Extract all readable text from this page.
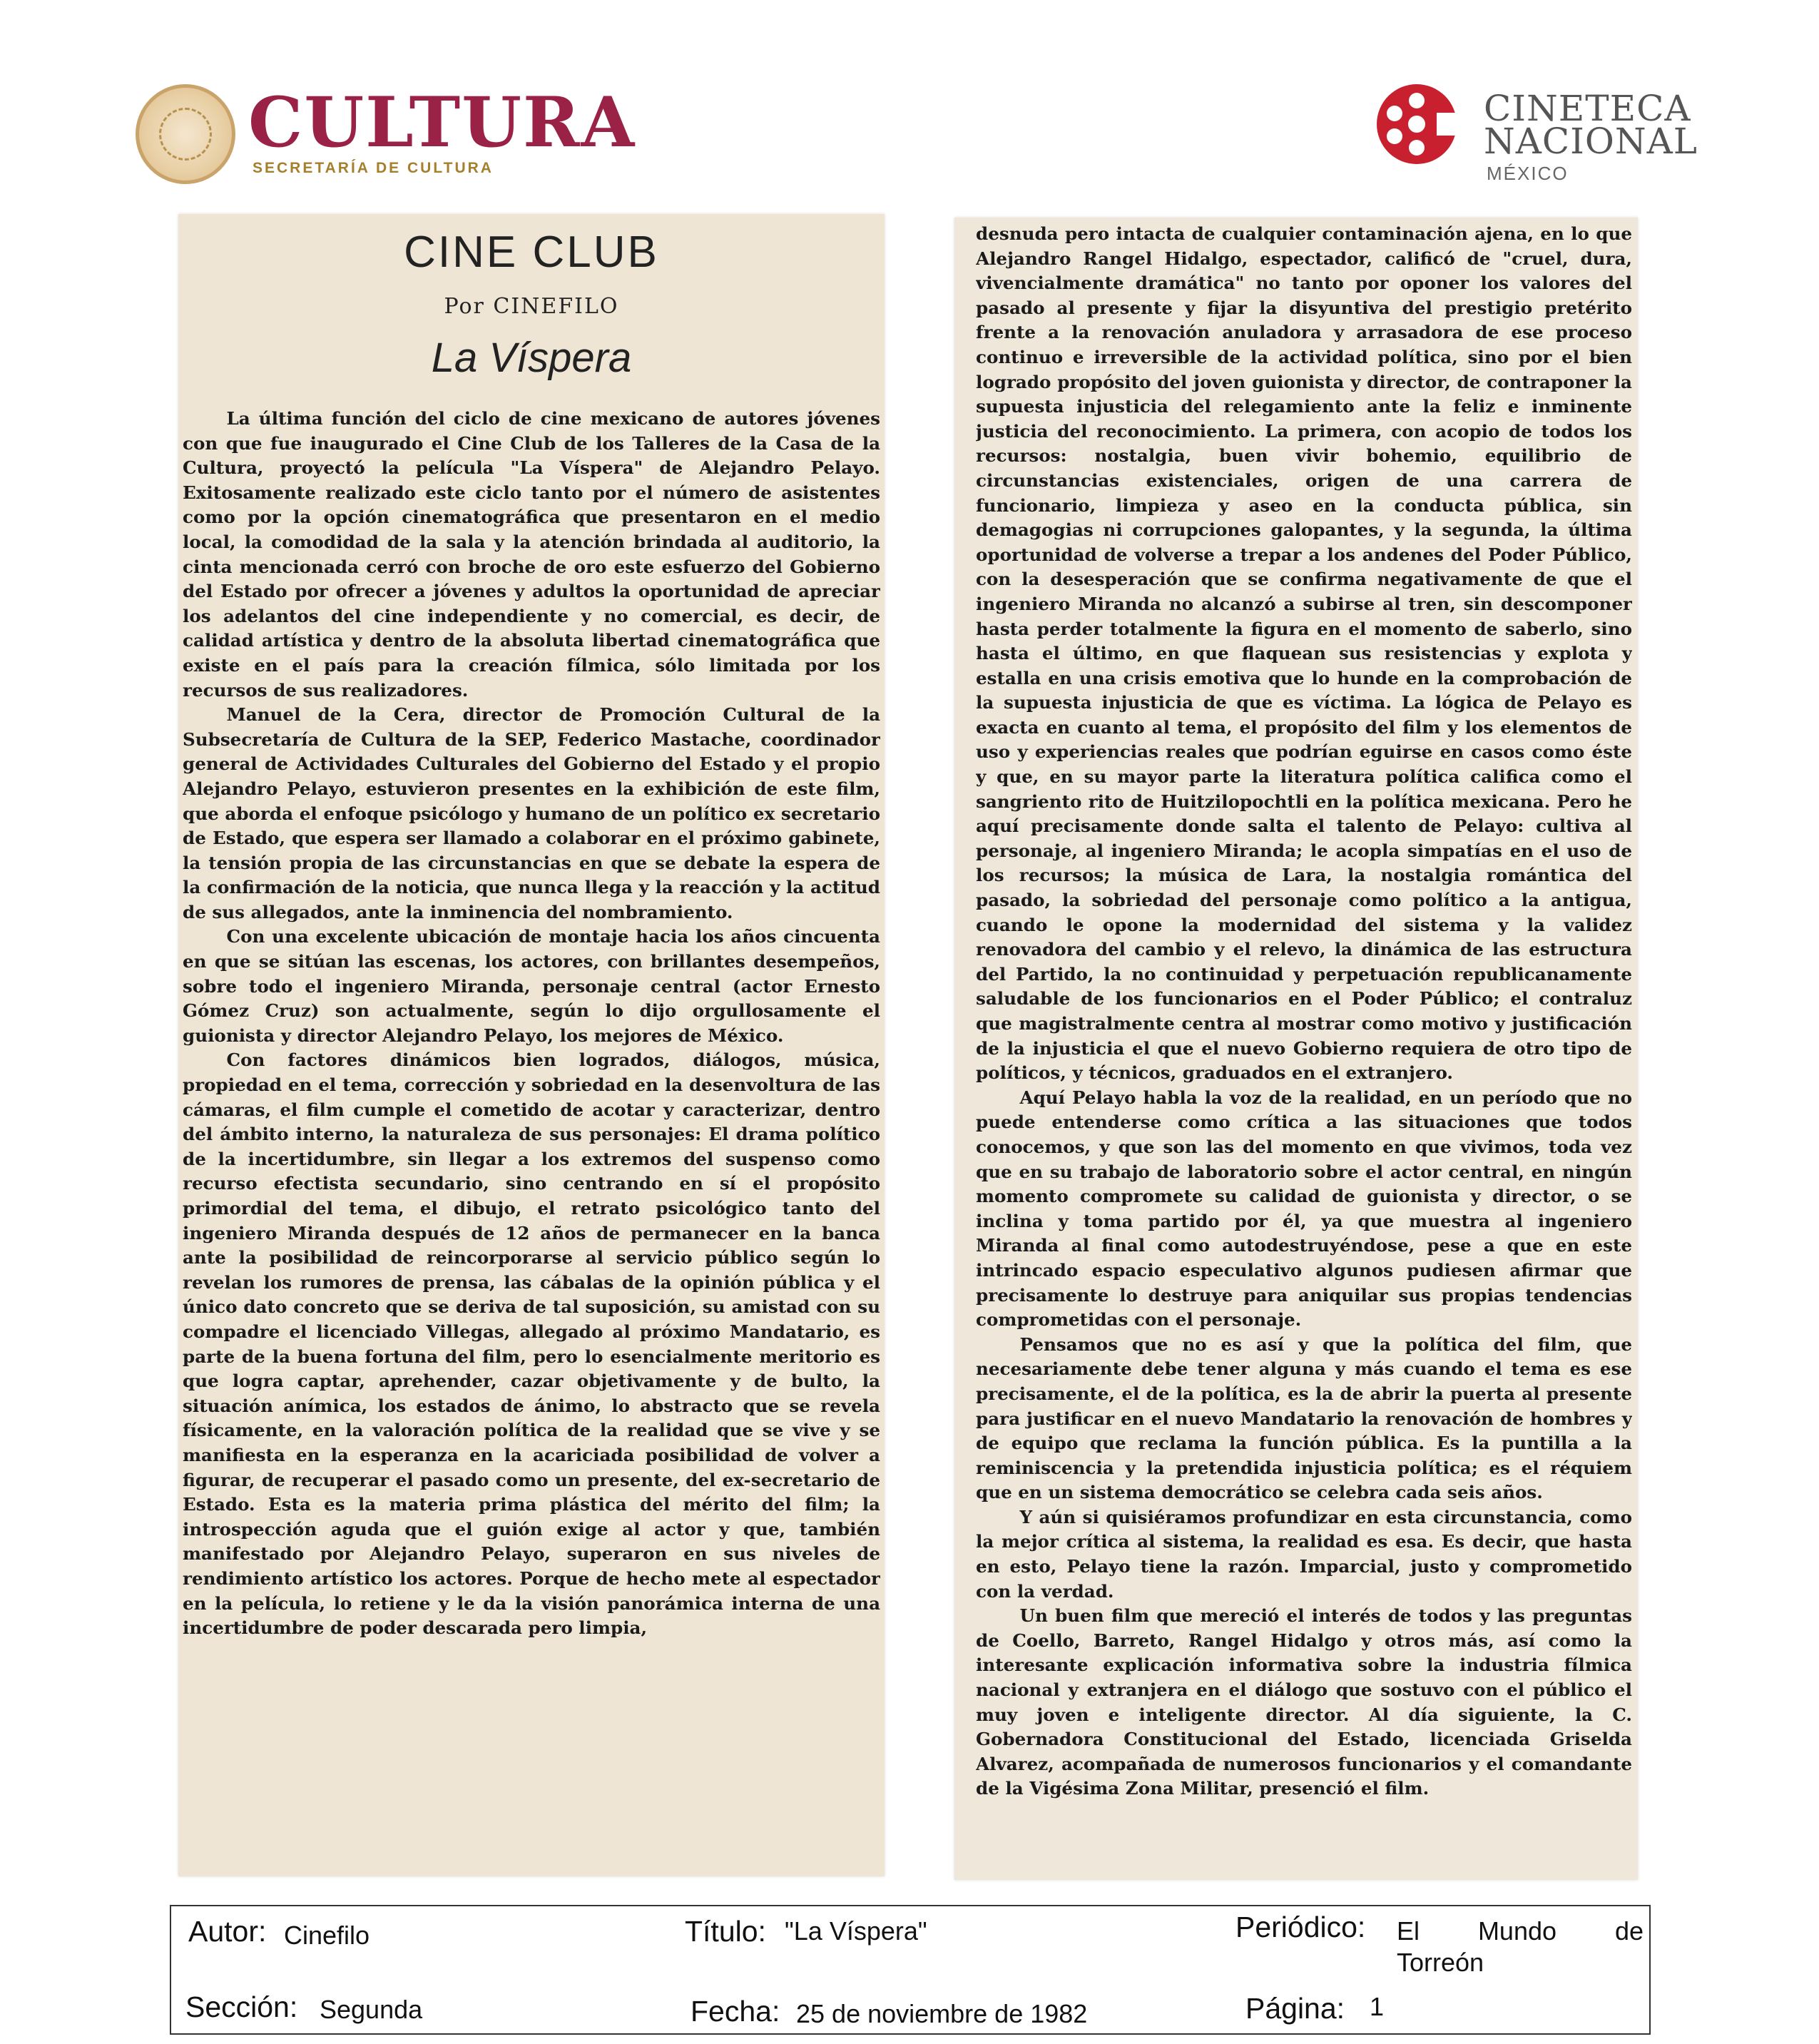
CULTURA
SECRETARÍA DE CULTURA
CINETECA
NACIONAL
MÉXICO
CINE CLUB
Por CINEFILO
La Víspera

La última función del ciclo de cine mexicano de autores jóvenes con que fue inaugurado el Cine Club de los Talleres de la Casa de la Cultura, proyectó la película "La Víspera" de Alejandro Pelayo. Exitosamente realizado este ciclo tanto por el número de asistentes como por la opción cinematográfica que presentaron en el medio local, la comodidad de la sala y la atención brindada al auditorio, la cinta mencionada cerró con broche de oro este esfuerzo del Gobierno del Estado por ofrecer a jóvenes y adultos la oportunidad de apreciar los adelantos del cine independiente y no comercial, es decir, de calidad artística y dentro de la absoluta libertad cinematográfica que existe en el país para la creación fílmica, sólo limitada por los recursos de sus realizadores.

Manuel de la Cera, director de Promoción Cultural de la Subsecretaría de Cultura de la SEP, Federico Mastache, coordinador general de Actividades Culturales del Gobierno del Estado y el propio Alejandro Pelayo, estuvieron presentes en la exhibición de este film, que aborda el enfoque psicólogo y humano de un político ex secretario de Estado, que espera ser llamado a colaborar en el próximo gabinete, la tensión propia de las circunstancias en que se debate la espera de la confirmación de la noticia, que nunca llega y la reacción y la actitud de sus allegados, ante la inminencia del nombramiento.

Con una excelente ubicación de montaje hacia los años cincuenta en que se sitúan las escenas, los actores, con brillantes desempeños, sobre todo el ingeniero Miranda, personaje central (actor Ernesto Gómez Cruz) son actualmente, según lo dijo orgullosamente el guionista y director Alejandro Pelayo, los mejores de México.

Con factores dinámicos bien logrados, diálogos, música, propiedad en el tema, corrección y sobriedad en la desenvoltura de las cámaras, el film cumple el cometido de acotar y caracterizar, dentro del ámbito interno, la naturaleza de sus personajes: El drama político de la incertidumbre, sin llegar a los extremos del suspenso como recurso efectista secundario, sino centrando en sí el propósito primordial del tema, el dibujo, el retrato psicológico tanto del ingeniero Miranda después de 12 años de permanecer en la banca ante la posibilidad de reincorporarse al servicio público según lo revelan los rumores de prensa, las cábalas de la opinión pública y el único dato concreto que se deriva de tal suposición, su amistad con su compadre el licenciado Villegas, allegado al próximo Mandatario, es parte de la buena fortuna del film, pero lo esencialmente meritorio es que logra captar, aprehender, cazar objetivamente y de bulto, la situación anímica, los estados de ánimo, lo abstracto que se revela físicamente, en la valoración política de la realidad que se vive y se manifiesta en la esperanza en la acariciada posibilidad de volver a figurar, de recuperar el pasado como un presente, del ex-secretario de Estado. Esta es la materia prima plástica del mérito del film; la introspección aguda que el guión exige al actor y que, también manifestado por Alejandro Pelayo, superaron en sus niveles de rendimiento artístico los actores. Porque de hecho mete al espectador en la película, lo retiene y le da la visión panorámica interna de una incertidumbre de poder descarada pero limpia,

desnuda pero intacta de cualquier contaminación ajena, en lo que Alejandro Rangel Hidalgo, espectador, calificó de "cruel, dura, vivencialmente dramática" no tanto por oponer los valores del pasado al presente y fijar la disyuntiva del prestigio pretérito frente a la renovación anuladora y arrasadora de ese proceso continuo e irreversible de la actividad política, sino por el bien logrado propósito del joven guionista y director, de contraponer la supuesta injusticia del relegamiento ante la feliz e inminente justicia del reconocimiento. La primera, con acopio de todos los recursos: nostalgia, buen vivir bohemio, equilibrio de circunstancias existenciales, origen de una carrera de funcionario, limpieza y aseo en la conducta pública, sin demagogias ni corrupciones galopantes, y la segunda, la última oportunidad de volverse a trepar a los andenes del Poder Público, con la desesperación que se confirma negativamente de que el ingeniero Miranda no alcanzó a subirse al tren, sin descomponer hasta perder totalmente la figura en el momento de saberlo, sino hasta el último, en que flaquean sus resistencias y explota y estalla en una crisis emotiva que lo hunde en la comprobación de la supuesta injusticia de que es víctima. La lógica de Pelayo es exacta en cuanto al tema, el propósito del film y los elementos de uso y experiencias reales que podrían eguirse en casos como éste y que, en su mayor parte la literatura política califica como el sangriento rito de Huitzilopochtli en la política mexicana. Pero he aquí precisamente donde salta el talento de Pelayo: cultiva al personaje, al ingeniero Miranda; le acopla simpatías en el uso de los recursos; la música de Lara, la nostalgia romántica del pasado, la sobriedad del personaje como político a la antigua, cuando le opone la modernidad del sistema y la validez renovadora del cambio y el relevo, la dinámica de las estructura del Partido, la no continuidad y perpetuación republicanamente saludable de los funcionarios en el Poder Público; el contraluz que magistralmente centra al mostrar como motivo y justificación de la injusticia el que el nuevo Gobierno requiera de otro tipo de políticos, y técnicos, graduados en el extranjero.

Aquí Pelayo habla la voz de la realidad, en un período que no puede entenderse como crítica a las situaciones que todos conocemos, y que son las del momento en que vivimos, toda vez que en su trabajo de laboratorio sobre el actor central, en ningún momento compromete su calidad de guionista y director, o se inclina y toma partido por él, ya que muestra al ingeniero Miranda al final como autodestruyéndose, pese a que en este intrincado espacio especulativo algunos pudiesen afirmar que precisamente lo destruye para aniquilar sus propias tendencias comprometidas con el personaje.

Pensamos que no es así y que la política del film, que necesariamente debe tener alguna y más cuando el tema es ese precisamente, el de la política, es la de abrir la puerta al presente para justificar en el nuevo Mandatario la renovación de hombres y de equipo que reclama la función pública. Es la puntilla a la reminiscencia y la pretendida injusticia política; es el réquiem que en un sistema democrático se celebra cada seis años.

Y aún si quisiéramos profundizar en esta circunstancia, como la mejor crítica al sistema, la realidad es esa. Es decir, que hasta en esto, Pelayo tiene la razón. Imparcial, justo y comprometido con la verdad.

Un buen film que mereció el interés de todos y las preguntas de Coello, Barreto, Rangel Hidalgo y otros más, así como la interesante explicación informativa sobre la industria fílmica nacional y extranjera en el diálogo que sostuvo con el público el muy joven e inteligente director. Al día siguiente, la C. Gobernadora Constitucional del Estado, licenciada Griselda Alvarez, acompañada de numerosos funcionarios y el comandante de la Vigésima Zona Militar, presenció el film.

Autor: Cinefilo	Título: "La Víspera"	Periódico: El Mundo de
Torreón
Sección: Segunda	Fecha: 25 de noviembre de 1982	Página: 1
